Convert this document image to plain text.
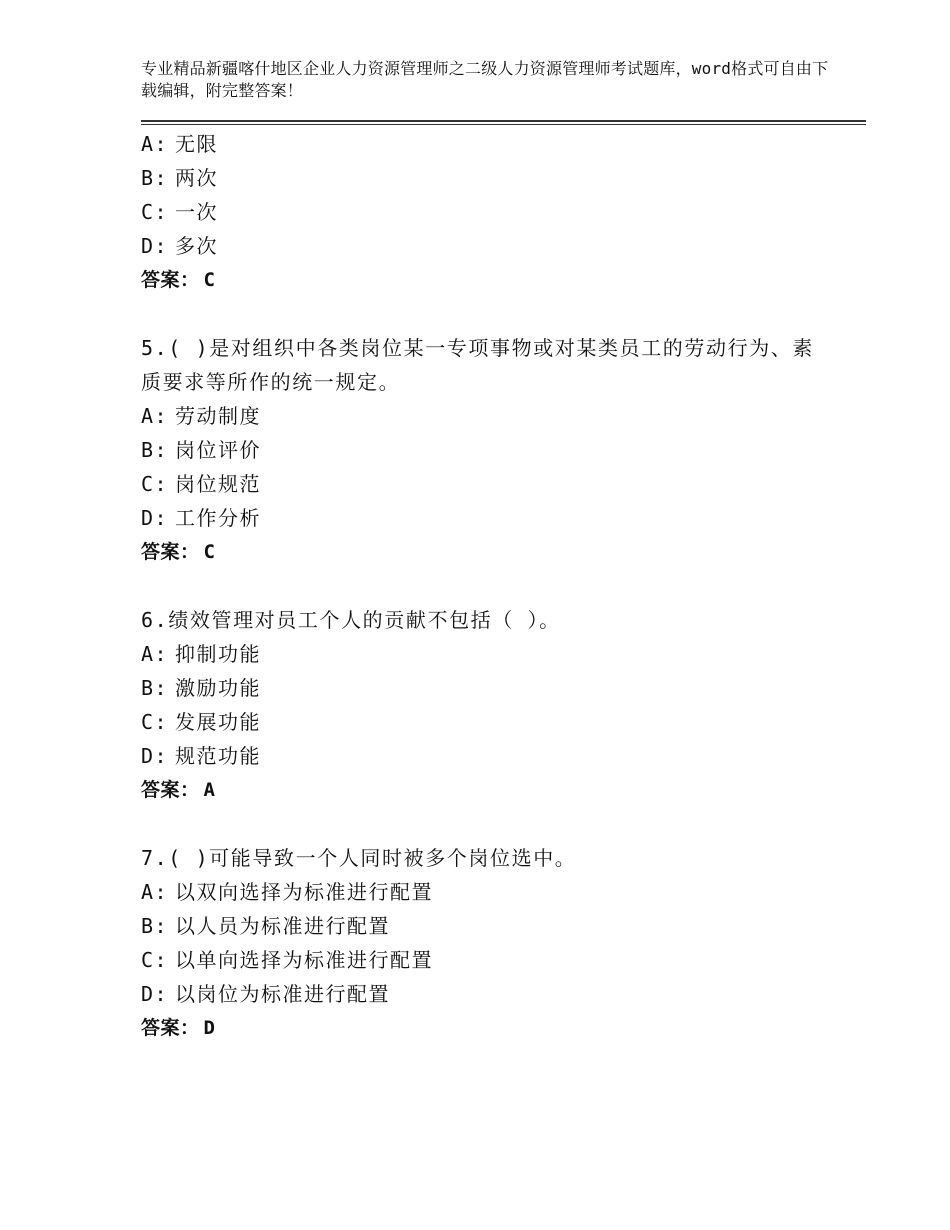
专业精品新疆喀什地区企业人力资源管理师之二级人力资源管理师考试题库，word格式可自由下载编辑，附完整答案！
A: 无限
B: 两次
C: 一次
D: 多次
答案： C
5.( )是对组织中各类岗位某一专项事物或对某类员工的劳动行为、素
质要求等所作的统一规定。
A: 劳动制度
B: 岗位评价
C: 岗位规范
D: 工作分析
答案： C
6.绩效管理对员工个人的贡献不包括（ ）。
A: 抑制功能
B: 激励功能
C: 发展功能
D: 规范功能
答案： A
7.( )可能导致一个人同时被多个岗位选中。
A: 以双向选择为标准进行配置
B: 以人员为标准进行配置
C: 以单向选择为标准进行配置
D: 以岗位为标准进行配置
答案： D
